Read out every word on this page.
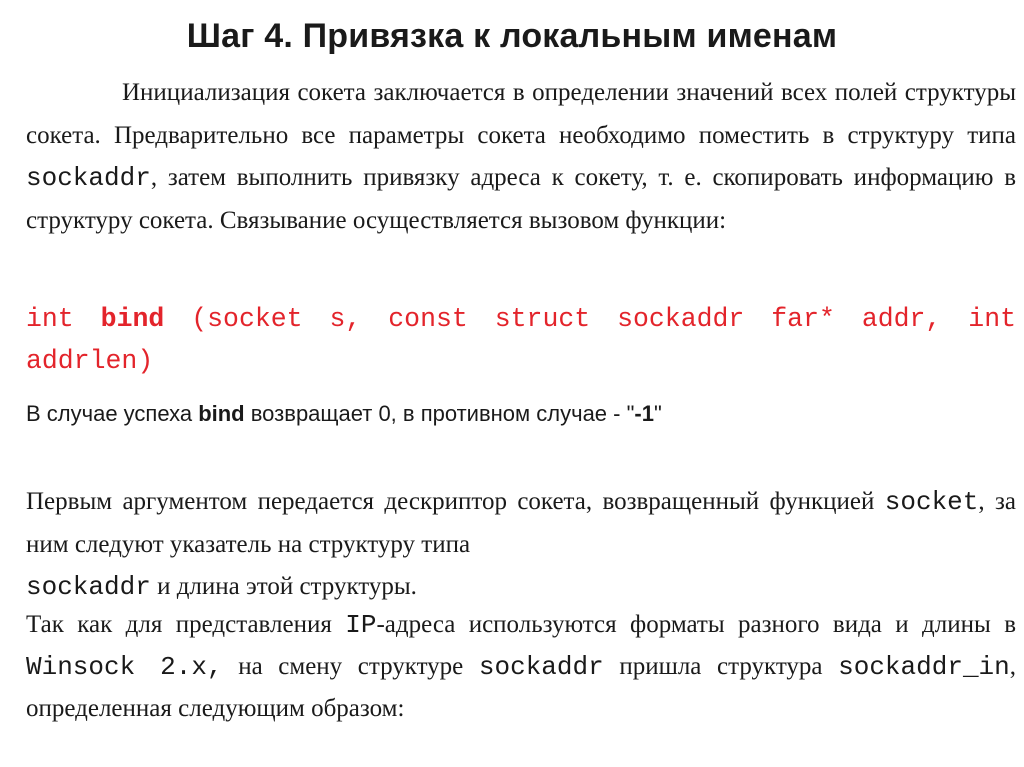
Шаг 4. Привязка к локальным именам
Инициализация сокета заключается в определении значений всех полей структуры сокета. Предварительно все параметры сокета необходимо поместить в структуру типа sockaddr, затем выполнить привязку адреса к сокету, т. е. скопировать информацию в структуру сокета. Связывание осуществляется вызовом функции:
int bind (socket s, const struct sockaddr far* addr, int addrlen)
В случае успеха bind возвращает 0, в противном случае - "-1"
Первым аргументом передается дескриптор сокета, возвращенный функцией socket, за ним следуют указатель на структуру типа
sockaddr и длина этой структуры.
Так как для представления IP-адреса используются форматы разного вида и длины в Winsock 2.x, на смену структуре sockaddr пришла структура sockaddr_in, определенная следующим образом:
